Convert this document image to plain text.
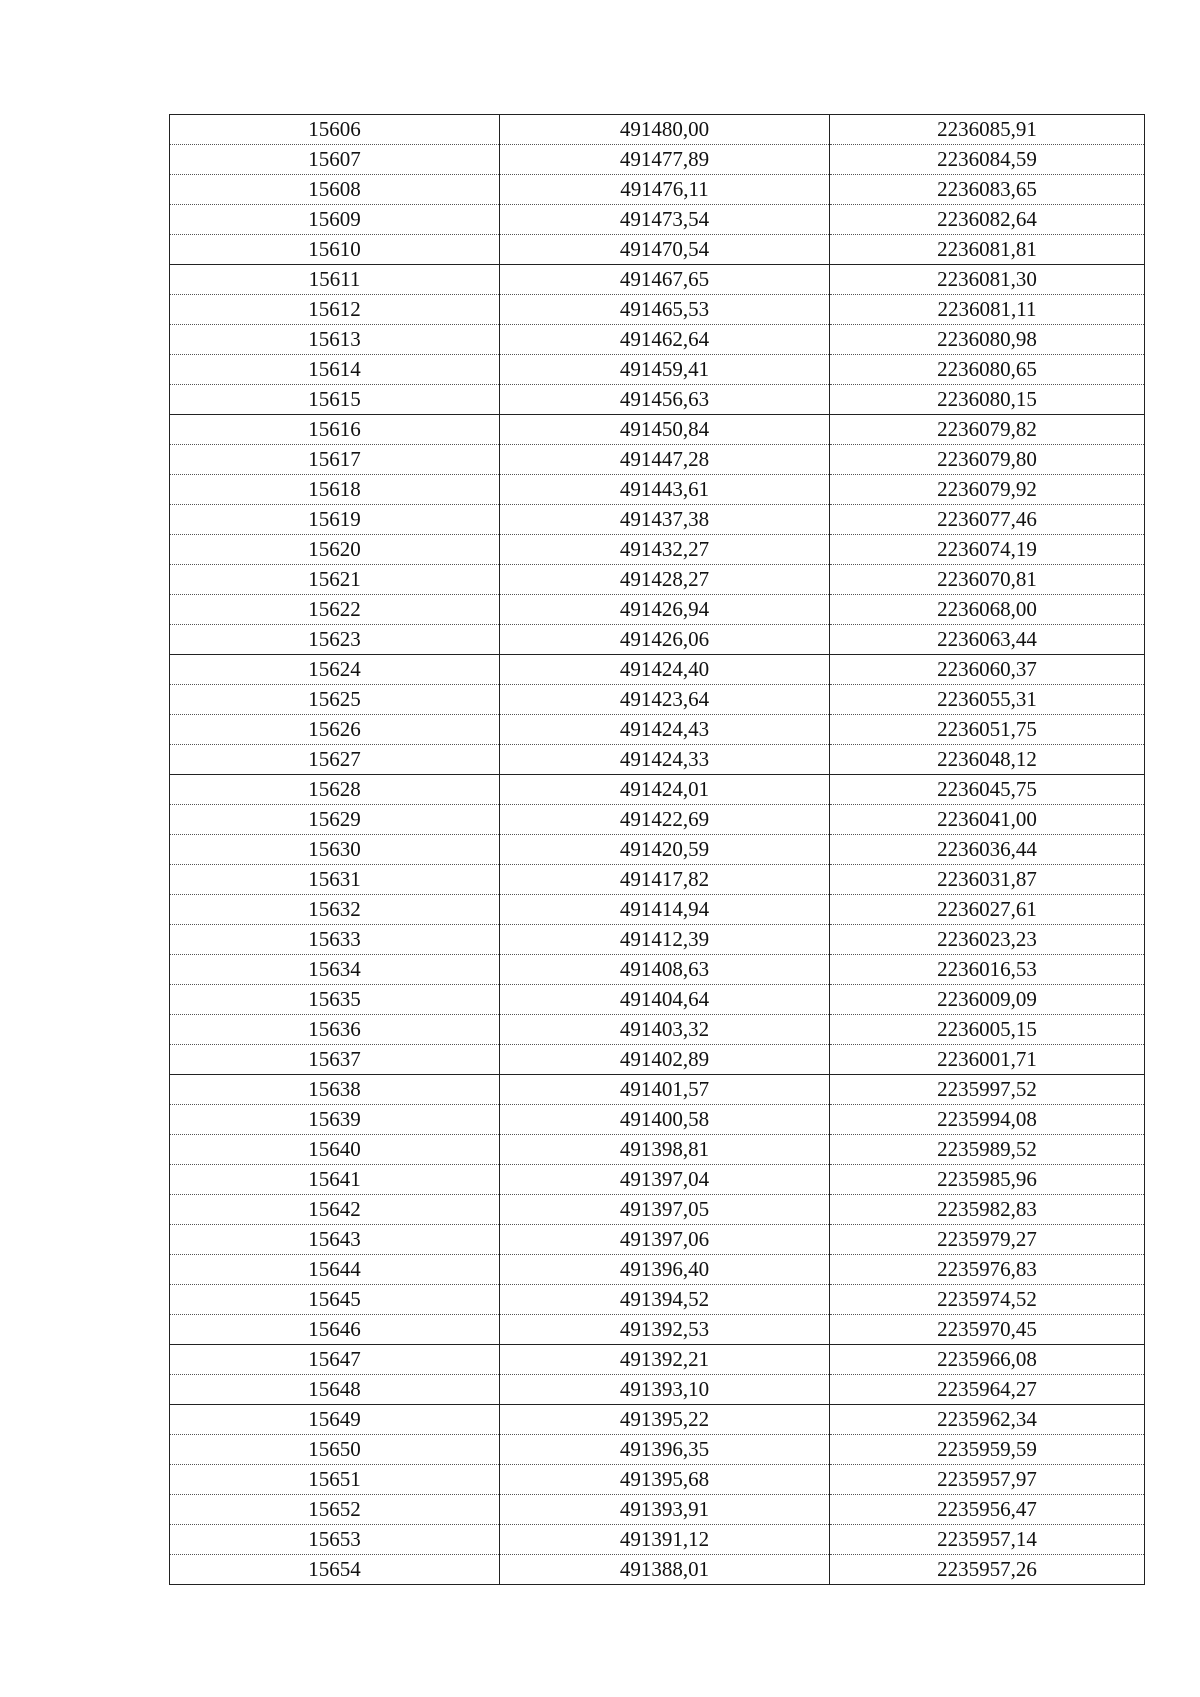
15606	491480,00	2236085,91
15607	491477,89	2236084,59
15608	491476,11	2236083,65
15609	491473,54	2236082,64
15610	491470,54	2236081,81
15611	491467,65	2236081,30
15612	491465,53	2236081,11
15613	491462,64	2236080,98
15614	491459,41	2236080,65
15615	491456,63	2236080,15
15616	491450,84	2236079,82
15617	491447,28	2236079,80
15618	491443,61	2236079,92
15619	491437,38	2236077,46
15620	491432,27	2236074,19
15621	491428,27	2236070,81
15622	491426,94	2236068,00
15623	491426,06	2236063,44
15624	491424,40	2236060,37
15625	491423,64	2236055,31
15626	491424,43	2236051,75
15627	491424,33	2236048,12
15628	491424,01	2236045,75
15629	491422,69	2236041,00
15630	491420,59	2236036,44
15631	491417,82	2236031,87
15632	491414,94	2236027,61
15633	491412,39	2236023,23
15634	491408,63	2236016,53
15635	491404,64	2236009,09
15636	491403,32	2236005,15
15637	491402,89	2236001,71
15638	491401,57	2235997,52
15639	491400,58	2235994,08
15640	491398,81	2235989,52
15641	491397,04	2235985,96
15642	491397,05	2235982,83
15643	491397,06	2235979,27
15644	491396,40	2235976,83
15645	491394,52	2235974,52
15646	491392,53	2235970,45
15647	491392,21	2235966,08
15648	491393,10	2235964,27
15649	491395,22	2235962,34
15650	491396,35	2235959,59
15651	491395,68	2235957,97
15652	491393,91	2235956,47
15653	491391,12	2235957,14
15654	491388,01	2235957,26
